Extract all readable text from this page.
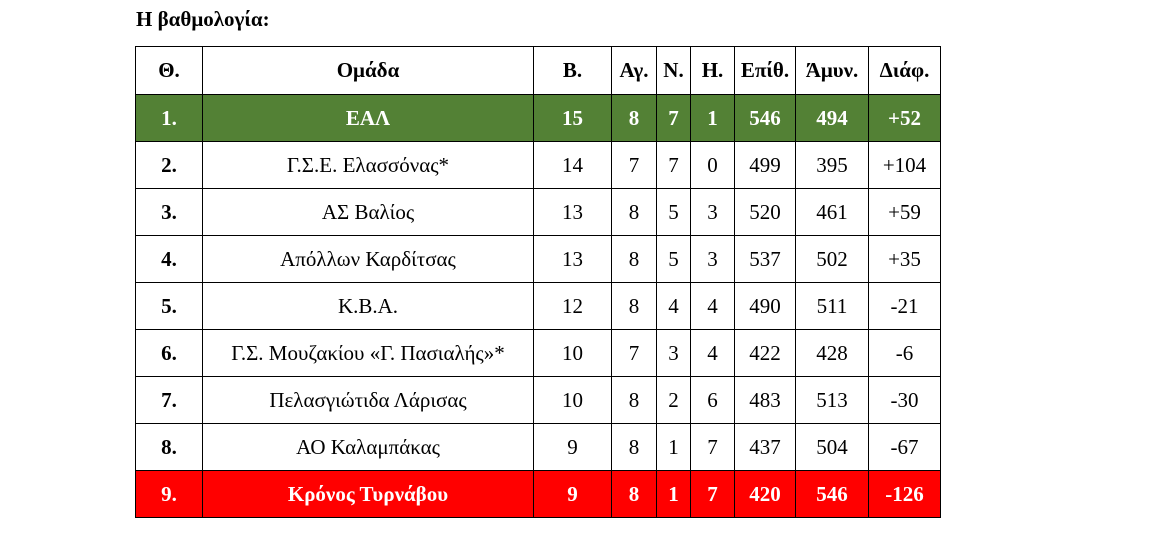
Η βαθμολογία:
Θ.	Ομάδα	Β.	Αγ.	Ν.	Η.	Επίθ.	Άμυν.	Διάφ.
1.	ΕΑΛ	15	8	7	1	546	494	+52
2.	Γ.Σ.Ε. Ελασσόνας*	14	7	7	0	499	395	+104
3.	ΑΣ Βαλίος	13	8	5	3	520	461	+59
4.	Απόλλων Καρδίτσας	13	8	5	3	537	502	+35
5.	Κ.Β.Α.	12	8	4	4	490	511	-21
6.	Γ.Σ. Μουζακίου «Γ. Πασιαλής»*	10	7	3	4	422	428	-6
7.	Πελασγιώτιδα Λάρισας	10	8	2	6	483	513	-30
8.	ΑΟ Καλαμπάκας	9	8	1	7	437	504	-67
9.	Κρόνος Τυρνάβου	9	8	1	7	420	546	-126
